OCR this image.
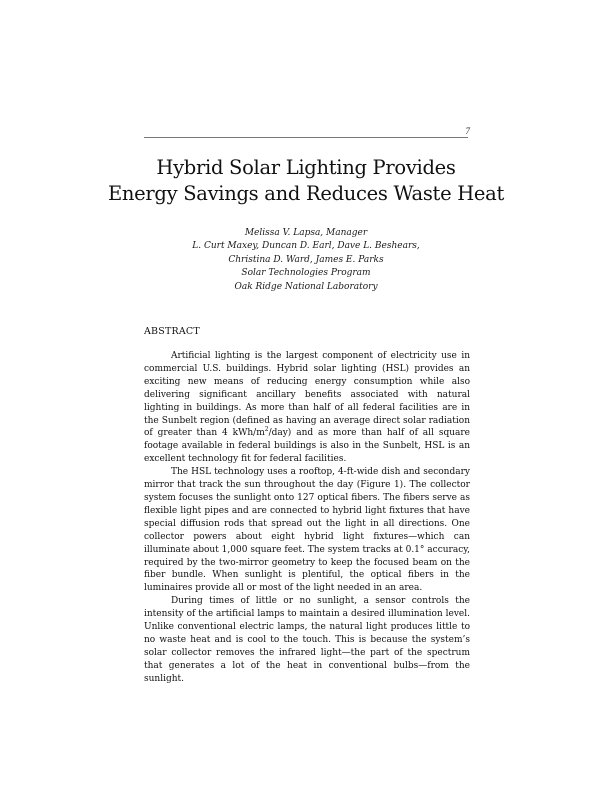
7
Hybrid Solar Lighting Provides
Energy Savings and Reduces Waste Heat
Melissa V. Lapsa, Manager
L. Curt Maxey, Duncan D. Earl, Dave L. Beshears,
Christina D. Ward, James E. Parks
Solar Technologies Program
Oak Ridge National Laboratory
ABSTRACT

Artificial lighting is the largest component of electricity use in commercial U.S. buildings. Hybrid solar lighting (HSL) provides an exciting new means of reducing energy consumption while also delivering significant ancillary benefits associated with natural lighting in buildings. As more than half of all federal facilities are in the Sunbelt region (defined as having an average direct solar radiation of greater than 4 kWh/$m^2/day$) and as more than half of all square footage available in federal buildings is also in the Sunbelt, HSL is an excellent technology fit for federal facilities.

The HSL technology uses a rooftop, 4-ft-wide dish and secondary mirror that track the sun throughout the day (Figure 1). The collector system focuses the sunlight onto 127 optical fibers. The fibers serve as flexible light pipes and are connected to hybrid light fixtures that have special diffusion rods that spread out the light in all directions. One collector powers about eight hybrid light fixtures—which can illuminate about 1,000 square feet. The system tracks at 0.1° accuracy, required by the two-mirror geometry to keep the focused beam on the fiber bundle. When sunlight is plentiful, the optical fibers in the luminaires provide all or most of the light needed in an area.

During times of little or no sunlight, a sensor controls the intensity of the artificial lamps to maintain a desired illumination level. Unlike conventional electric lamps, the natural light produces little to no waste heat and is cool to the touch. This is because the system’s solar collector removes the infrared light—the part of the spectrum that generates a lot of the heat in conventional bulbs—from the sunlight.
